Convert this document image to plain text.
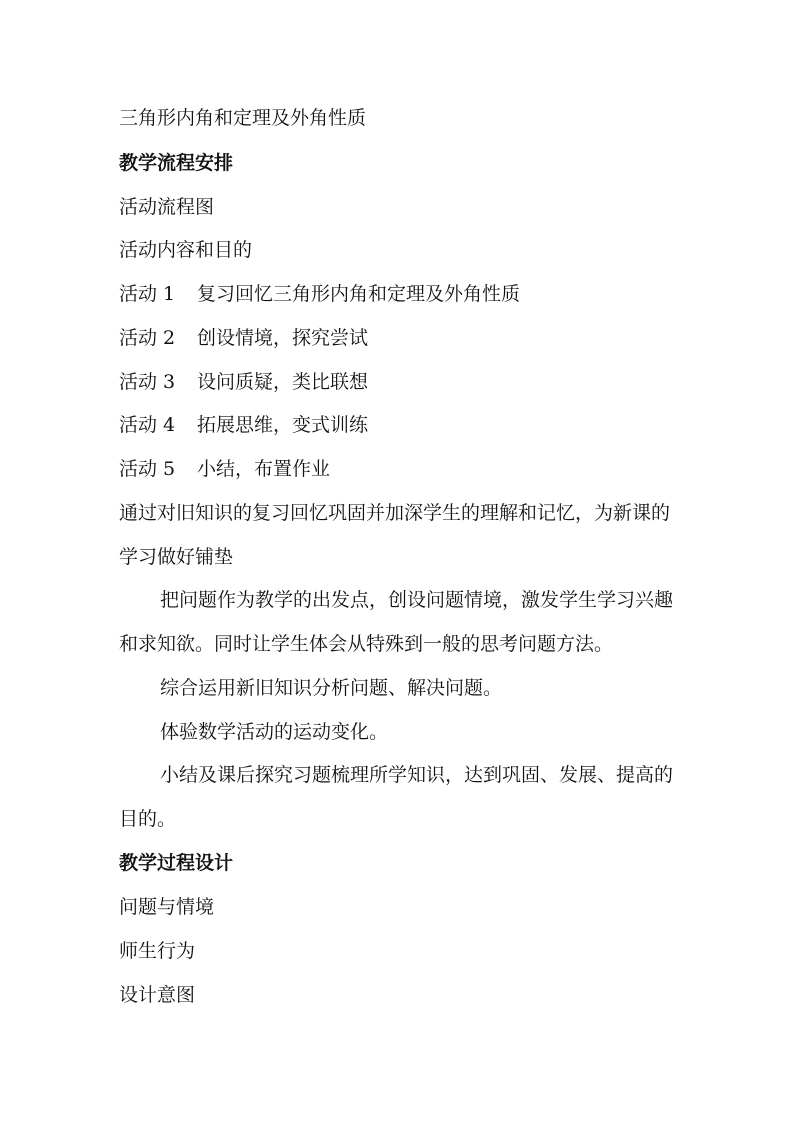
三角形内角和定理及外角性质
教学流程安排
活动流程图
活动内容和目的
活动 1 复习回忆三角形内角和定理及外角性质
活动 2 创设情境，探究尝试
活动 3 设问质疑，类比联想
活动 4 拓展思维，变式训练
活动 5 小结，布置作业
通过对旧知识的复习回忆巩固并加深学生的理解和记忆，为新课的
学习做好铺垫
把问题作为教学的出发点，创设问题情境，激发学生学习兴趣
和求知欲。同时让学生体会从特殊到一般的思考问题方法。
综合运用新旧知识分析问题、解决问题。
体验数学活动的运动变化。
小结及课后探究习题梳理所学知识，达到巩固、发展、提高的
目的。
教学过程设计
问题与情境
师生行为
设计意图
